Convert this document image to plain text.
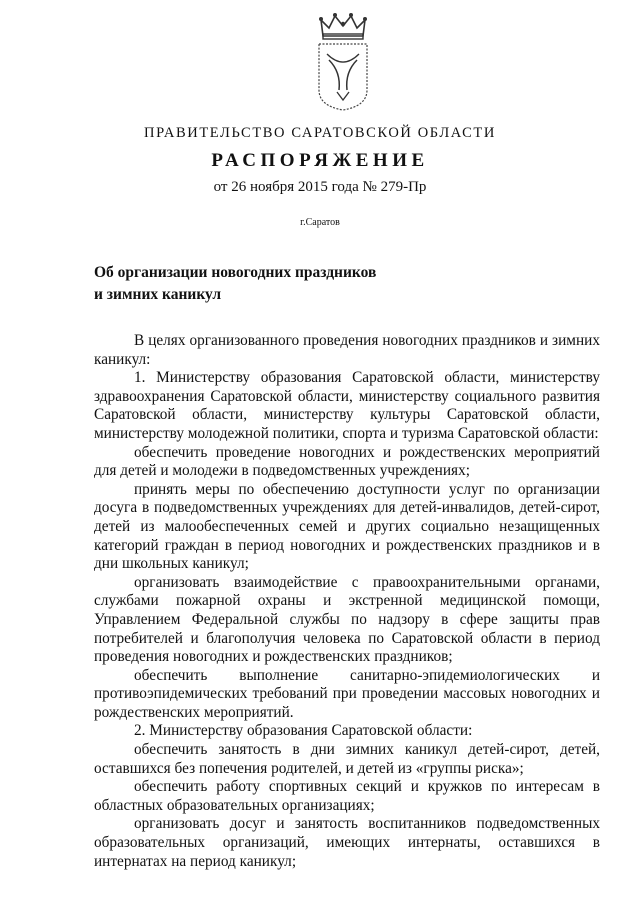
ПРАВИТЕЛЬСТВО САРАТОВСКОЙ ОБЛАСТИ
РАСПОРЯЖЕНИЕ
от 26 ноября 2015 года № 279-Пр
г.Саратов
Об организации новогодних праздников
и зимних каникул

В целях организованного проведения новогодних праздников и зимних каникул:

1. Министерству образования Саратовской области, министерству здравоохранения Саратовской области, министерству социального развития Саратовской области, министерству культуры Саратовской области, министерству молодежной политики, спорта и туризма Саратовской области:

обеспечить проведение новогодних и рождественских мероприятий для детей и молодежи в подведомственных учреждениях;

принять меры по обеспечению доступности услуг по организации досуга в подведомственных учреждениях для детей-инвалидов, детей-сирот, детей из малообеспеченных семей и других социально незащищенных категорий граждан в период новогодних и рождественских праздников и в дни школьных каникул;

организовать взаимодействие с правоохранительными органами, службами пожарной охраны и экстренной медицинской помощи, Управлением Федеральной службы по надзору в сфере защиты прав потребителей и благополучия человека по Саратовской области в период проведения новогодних и рождественских праздников;

обеспечить выполнение санитарно-эпидемиологических и противоэпидемических требований при проведении массовых новогодних и рождественских мероприятий.

2. Министерству образования Саратовской области:

обеспечить занятость в дни зимних каникул детей-сирот, детей, оставшихся без попечения родителей, и детей из «группы риска»;

обеспечить работу спортивных секций и кружков по интересам в областных образовательных организациях;

организовать досуг и занятость воспитанников подведомственных образовательных организаций, имеющих интернаты, оставшихся в интернатах на период каникул;
